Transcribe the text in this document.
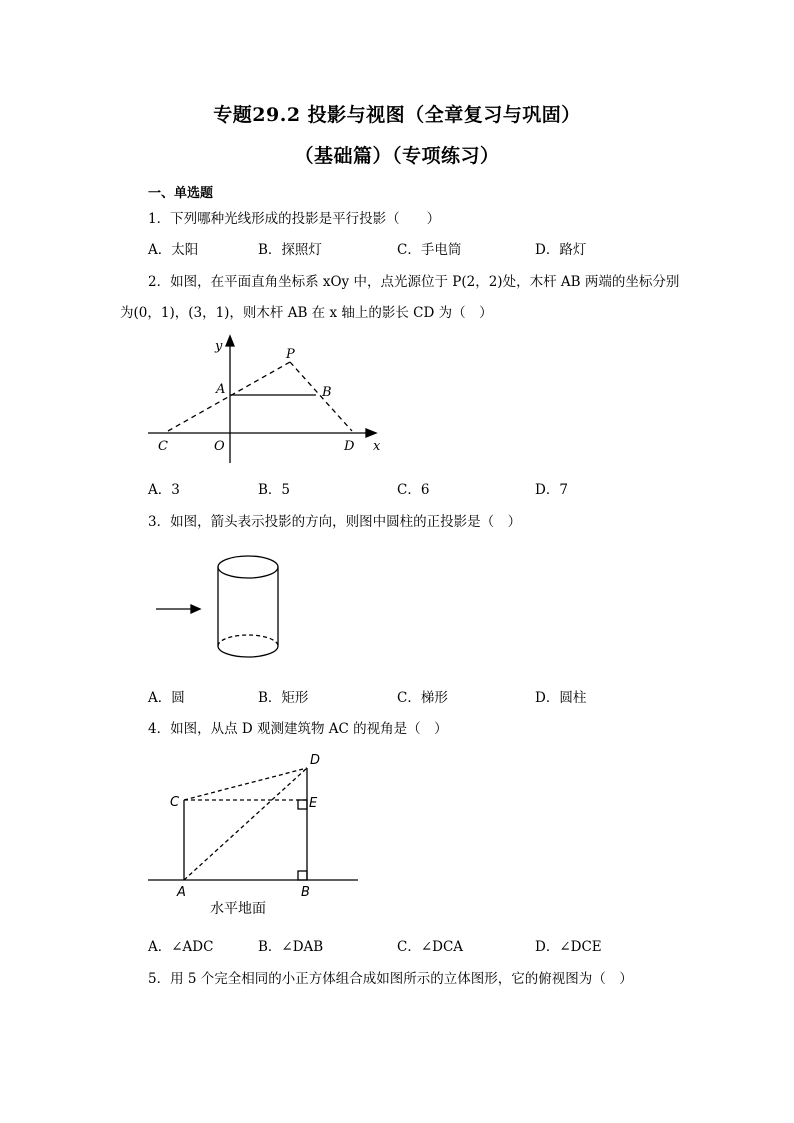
专题29.2 投影与视图（全章复习与巩固）
（基础篇）（专项练习）
一、单选题
1．下列哪种光线形成的投影是平行投影（　　）
A．太阳	B．探照灯	C．手电筒	D．路灯
2．如图，在平面直角坐标系 xOy 中，点光源位于 P(2，2)处，木杆 AB 两端的坐标分别
为(0，1)，(3，1)，则木杆 AB 在 x 轴上的影长 CD 为（　）
y
x
P
A	B
C	O	D
A．3	B．5	C．6	D．7
3．如图，箭头表示投影的方向，则图中圆柱的正投影是（　）
A．圆	B．矩形	C．梯形	D．圆柱
4．如图，从点 D 观测建筑物 AC 的视角是（　）
D
C	E
A	B
水平地面
A．∠ADC	B．∠DAB	C．∠DCA	D．∠DCE
5．用 5 个完全相同的小正方体组合成如图所示的立体图形，它的俯视图为（　）
